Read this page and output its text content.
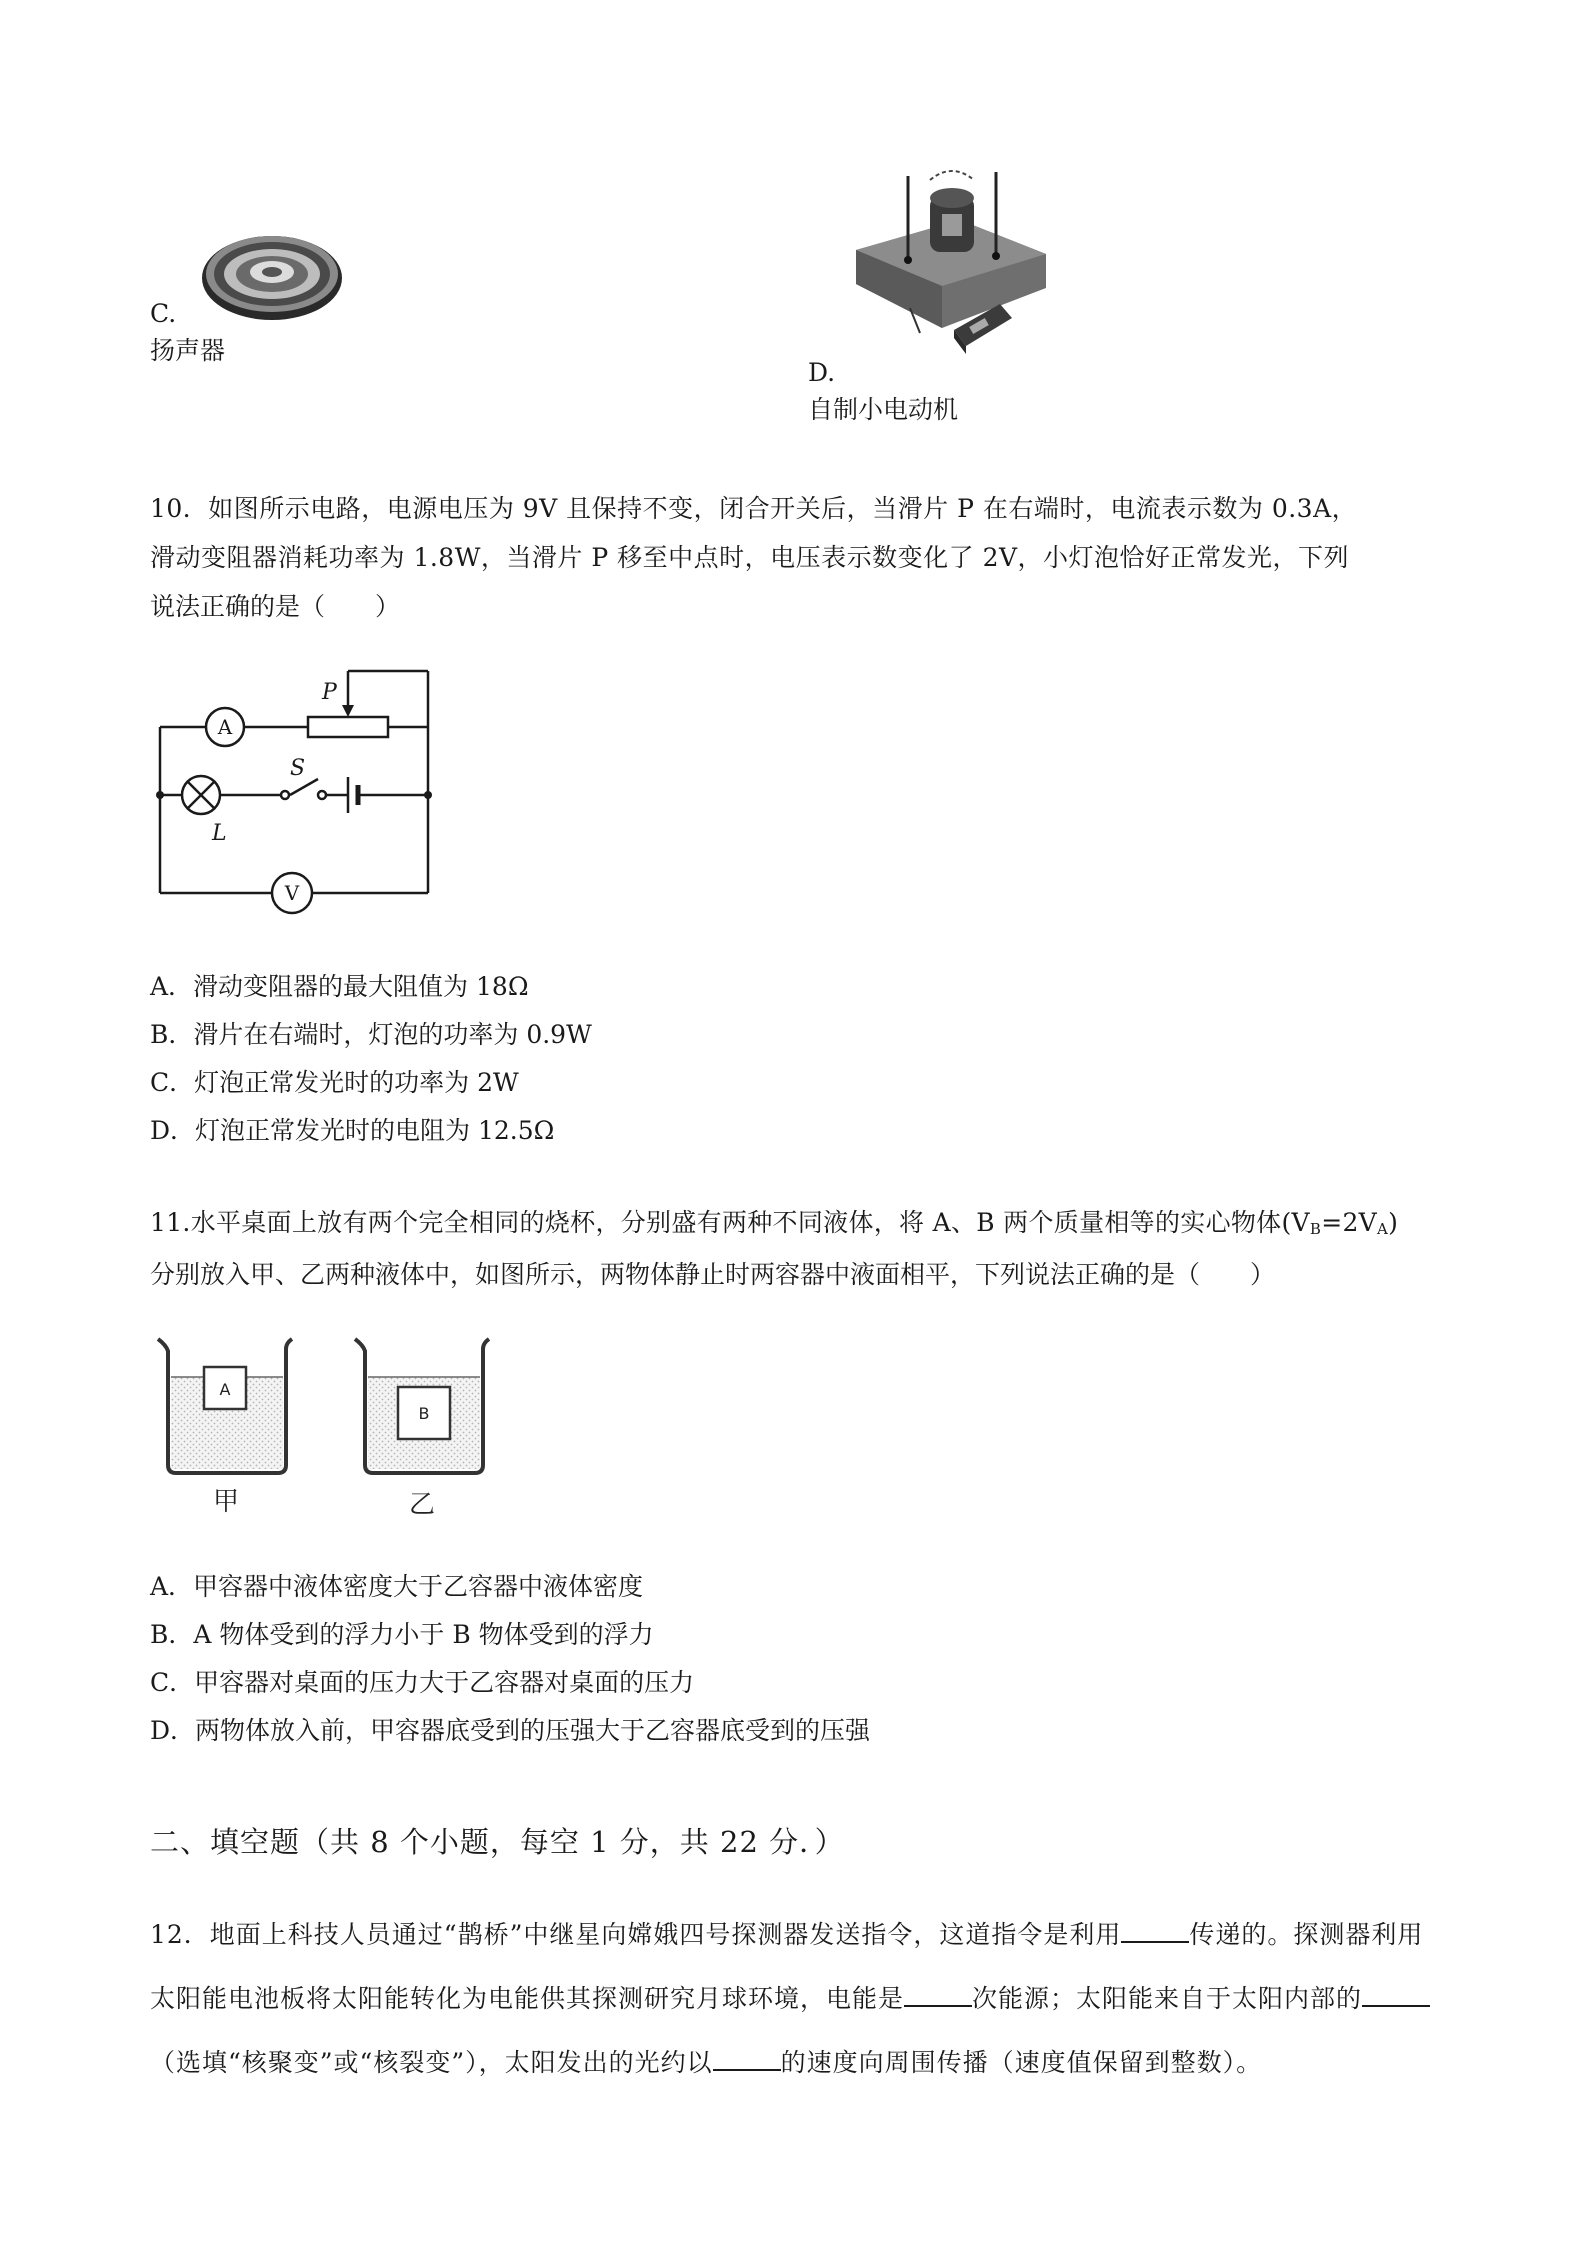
C.
扬声器
D.
自制小电动机
10．如图所示电路，电源电压为 9V 且保持不变，闭合开关后，当滑片 P 在右端时，电流表示数为 0.3A，
滑动变阻器消耗功率为 1.8W，当滑片 P 移至中点时，电压表示数变化了 2V，小灯泡恰好正常发光，下列
说法正确的是（　　）
A
V
P
S
L
A．滑动变阻器的最大阻值为 18Ω
B．滑片在右端时，灯泡的功率为 0.9W
C．灯泡正常发光时的功率为 2W
D．灯泡正常发光时的电阻为 12.5Ω
11.水平桌面上放有两个完全相同的烧杯，分别盛有两种不同液体，将 A、B 两个质量相等的实心物体$(V_B=2V_A)$
分别放入甲、乙两种液体中，如图所示，两物体静止时两容器中液面相平，下列说法正确的是（　　）
A
B
甲	乙
A．甲容器中液体密度大于乙容器中液体密度
B．A 物体受到的浮力小于 B 物体受到的浮力
C．甲容器对桌面的压力大于乙容器对桌面的压力
D．两物体放入前，甲容器底受到的压强大于乙容器底受到的压强
二、填空题（共 8 个小题，每空 1 分，共 22 分．）
12．地面上科技人员通过“鹊桥”中继星向嫦娥四号探测器发送指令，这道指令是利用	传递的。探测器利用太阳能电池板将太阳能转化为电能供其探测研究月球环境，电能是	次能源；太阳能来自于太阳内部的（选填“核聚变”或“核裂变”），太阳发出的光约以	的速度向周围传播（速度值保留到整数）。
